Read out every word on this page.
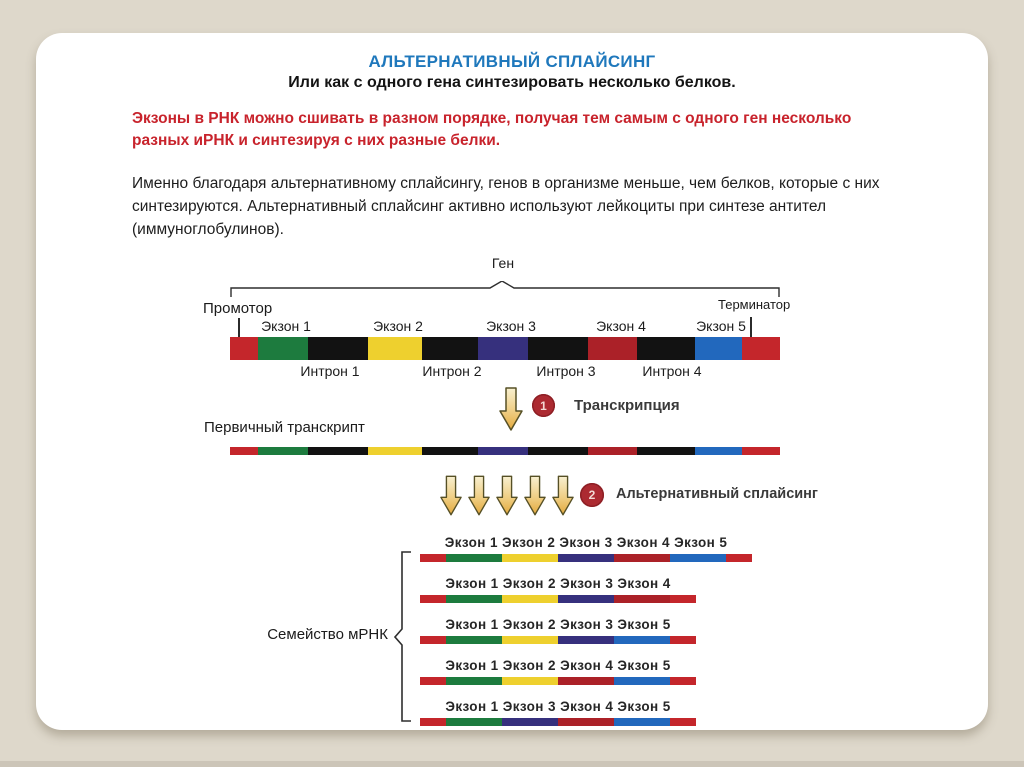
АЛЬТЕРНАТИВНЫЙ СПЛАЙСИНГ
Или как с одного гена синтезировать несколько белков.
Экзоны в РНК можно сшивать в разном порядке, получая тем самым с одного ген несколько разных иРНК и синтезируя с них разные белки.
Именно благодаря альтернативному сплайсингу, генов в организме меньше, чем белков, которые с них синтезируются. Альтернативный сплайсинг активно используют лейкоциты при синтезе антител (иммуноглобулинов).
Ген
Промотор	Терминатор
Экзон 1	Экзон 2	Экзон 3	Экзон 4	Экзон 5
Интрон 1	Интрон 2	Интрон 3	Интрон 4
1	Транскрипция
Первичный транскрипт
2	Альтернативный сплайсинг
Семейство мРНК
Экзон 1 Экзон 2 Экзон 3 Экзон 4 Экзон 5
Экзон 1 Экзон 2 Экзон 3 Экзон 4
Экзон 1 Экзон 2 Экзон 3 Экзон 5
Экзон 1 Экзон 2 Экзон 4 Экзон 5
Экзон 1 Экзон 3 Экзон 4 Экзон 5
